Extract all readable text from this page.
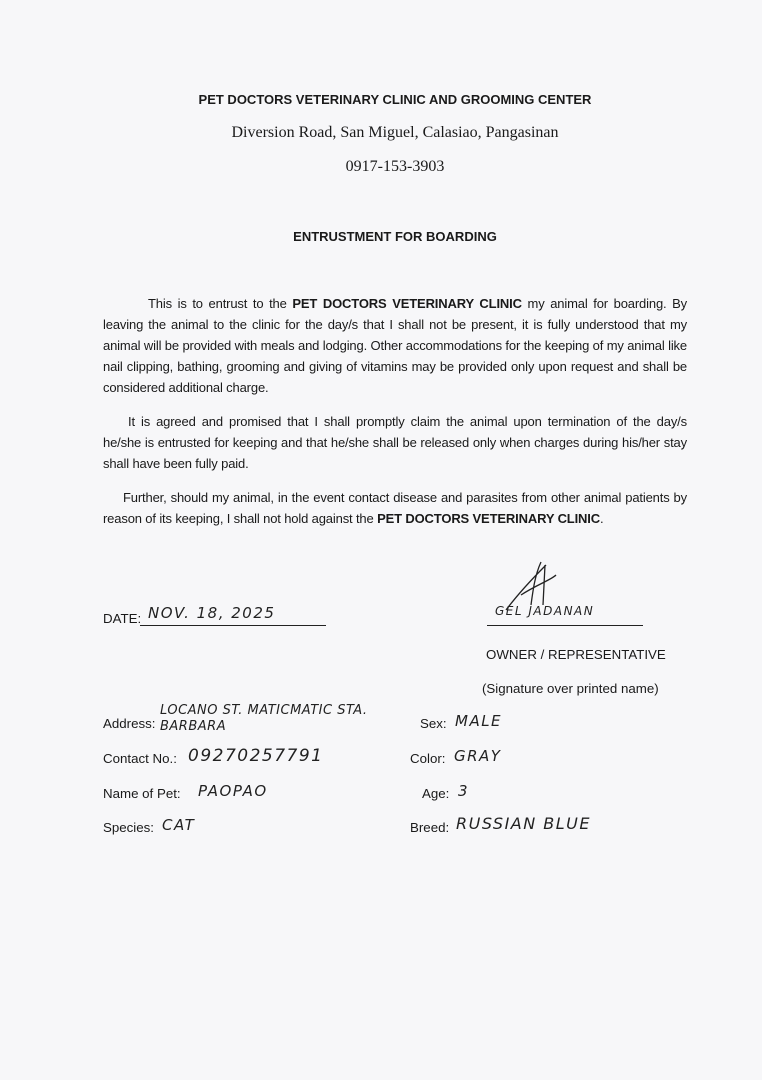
PET DOCTORS VETERINARY CLINIC AND GROOMING CENTER
Diversion Road, San Miguel, Calasiao, Pangasinan
0917-153-3903
ENTRUSTMENT FOR BOARDING

This is to entrust to the PET DOCTORS VETERINARY CLINIC my animal for boarding. By leaving the animal to the clinic for the day/s that I shall not be present, it is fully understood that my animal will be provided with meals and lodging. Other accommodations for the keeping of my animal like nail clipping, bathing, grooming and giving of vitamins may be provided only upon request and shall be considered additional charge.

It is agreed and promised that I shall promptly claim the animal upon termination of the day/s he/she is entrusted for keeping and that he/she shall be released only when charges during his/her stay shall have been fully paid.

Further, should my animal, in the event contact disease and parasites from other animal patients by reason of its keeping, I shall not hold against the PET DOCTORS VETERINARY CLINIC.

DATE: NOV. 18, 2025	GEL JADANAN
OWNER / REPRESENTATIVE
(Signature over printed name)
Address:
LOCANO ST. MATICMATIC STA. BARBARA
Contact No.: 09270257791
Name of Pet: PAOPAO
Species: CAT
Sex: MALE
Color: GRAY
Age: 3
Breed: RUSSIAN BLUE
